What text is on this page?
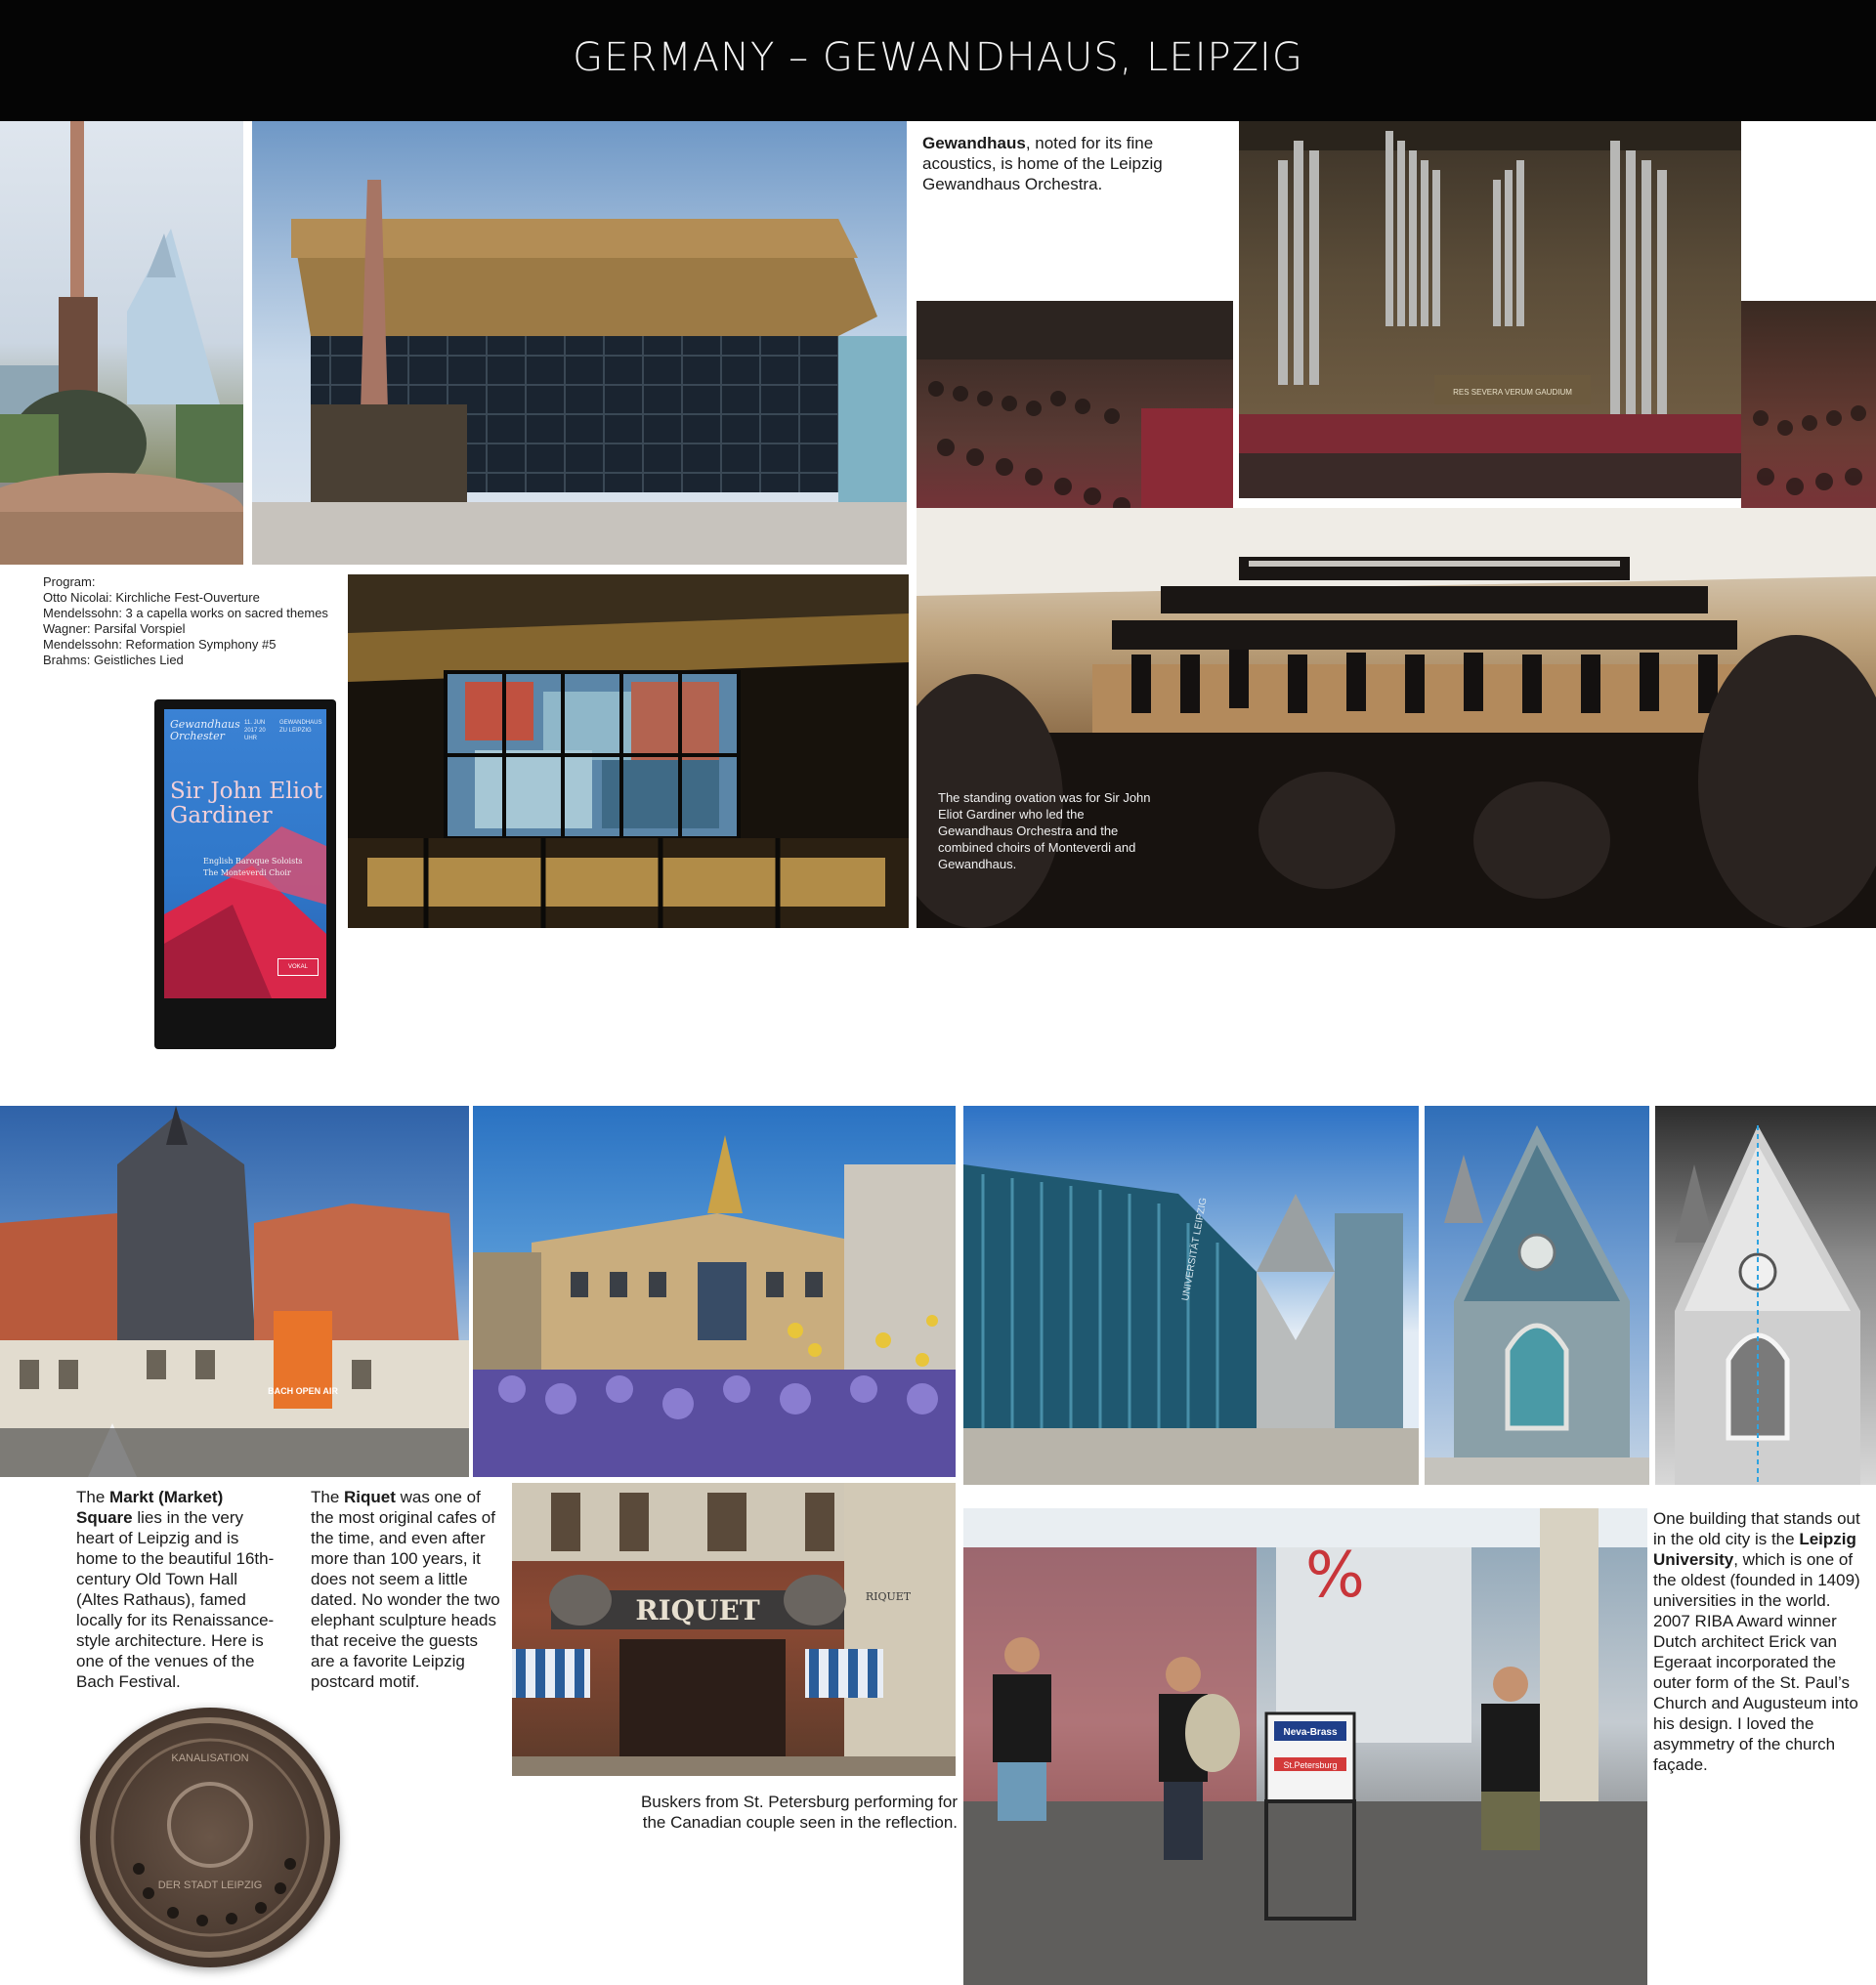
GERMANY – GEWANDHAUS, LEIPZIG
Gewandhaus, noted for its fine acoustics, is home of the Leipzig Gewandhaus Orchestra.
RES SEVERA VERUM GAUDIUM
The standing ovation was for Sir John Eliot Gardiner who led the Gewandhaus Orchestra and the combined choirs of Monteverdi and Gewandhaus.
Program:
Otto Nicolai: Kirchliche Fest-Ouverture
Mendelssohn: 3 a capella works on sacred themes
Wagner: Parsifal Vorspiel
Mendelssohn: Reformation Symphony #5
Brahms: Geistliches Lied
Gewandhaus Orchester
11. JUN 2017 20 UHR
GEWANDHAUS ZU LEIPZIG
Sir John Eliot Gardiner
English Baroque Soloists
The Monteverdi Choir
VOKAL
BACH OPEN AIR
UNIVERSITÄT LEIPZIG
The Markt (Market) Square lies in the very heart of Leipzig and is home to the beautiful 16th-century Old Town Hall (Altes Rathaus), famed locally for its Renaissance-style architecture. Here is one of the venues of the Bach Festival.
The Riquet was one of the most original cafes of the time, and even after more than 100 years, it does not seem a little dated. No wonder the two elephant sculpture heads that receive the guests are a favorite Leipzig postcard motif.
RIQUET	RIQUET
KANALISATION
DER STADT LEIPZIG
Buskers from St. Petersburg performing for the Canadian couple seen in the reflection.
%
Neva-Brass
St.Petersburg
One building that stands out in the old city is the Leipzig University, which is one of the oldest (founded in 1409) universities in the world. 2007 RIBA Award winner Dutch architect Erick van Egeraat incorporated the outer form of the St. Paul’s Church and Augusteum into his design. I loved the asymmetry of the church façade.
